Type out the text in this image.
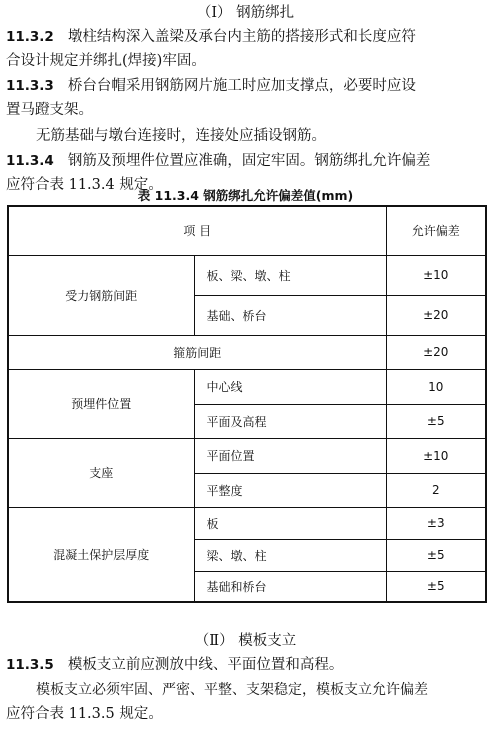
（Ⅰ） 钢筋绑扎
11.3.2 墩柱结构深入盖梁及承台内主筋的搭接形式和长度应符
合设计规定并绑扎(焊接)牢固。
11.3.3 桥台台帽采用钢筋网片施工时应加支撑点，必要时应设
置马蹬支架。
无筋基础与墩台连接时，连接处应插设钢筋。
11.3.4 钢筋及预埋件位置应准确，固定牢固。钢筋绑扎允许偏差
应符合表 11.3.4 规定。
表 11.3.4 钢筋绑扎允许偏差值(mm)
项 目		允许偏差
受力钢筋间距	板、梁、墩、柱	±10
	基础、桥台	±20
箍筋间距		±20
预埋件位置	中心线	10
	平面及高程	±5
支座	平面位置	±10
	平整度	2
混凝土保护层厚度	板	±3
	梁、墩、柱	±5
	基础和桥台	±5
（Ⅱ） 模板支立
11.3.5 模板支立前应测放中线、平面位置和高程。
模板支立必须牢固、严密、平整、支架稳定，模板支立允许偏差
应符合表 11.3.5 规定。
